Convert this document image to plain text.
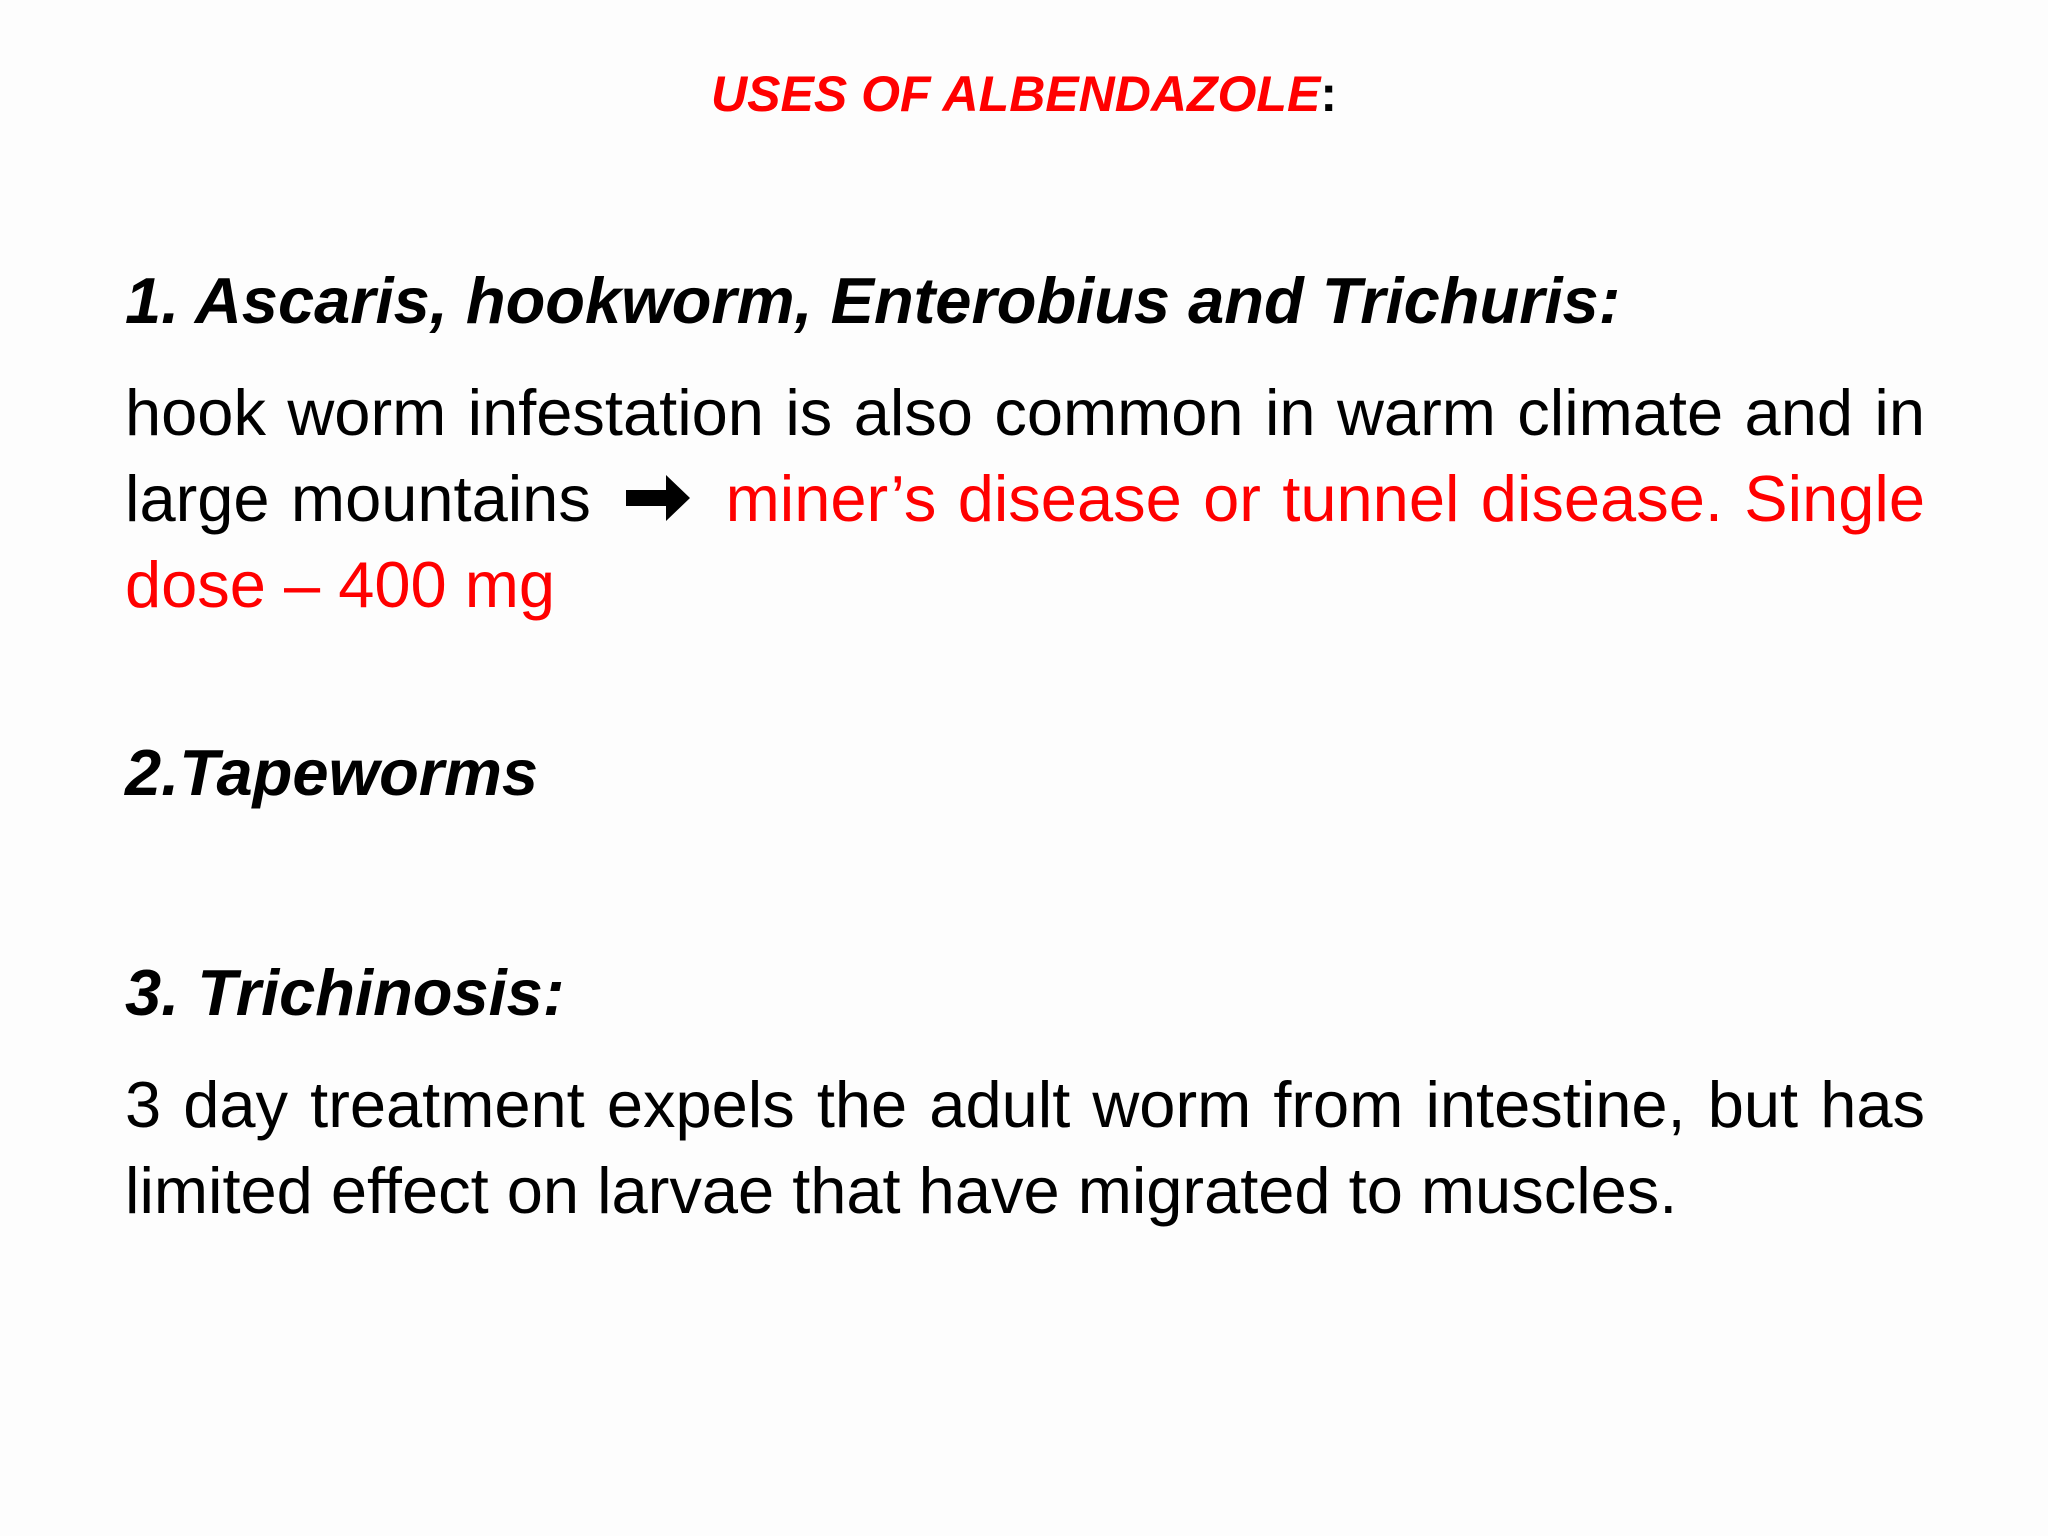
USES OF ALBENDAZOLE:
1. Ascaris, hookworm, Enterobius and Trichuris:

hook worm infestation is also common in warm climate and in large mountains miner’s disease or tunnel disease. Single dose – 400 mg

2.Tapeworms
3. Trichinosis:

3 day treatment expels the adult worm from intestine, but has limited effect on larvae that have migrated to muscles.
